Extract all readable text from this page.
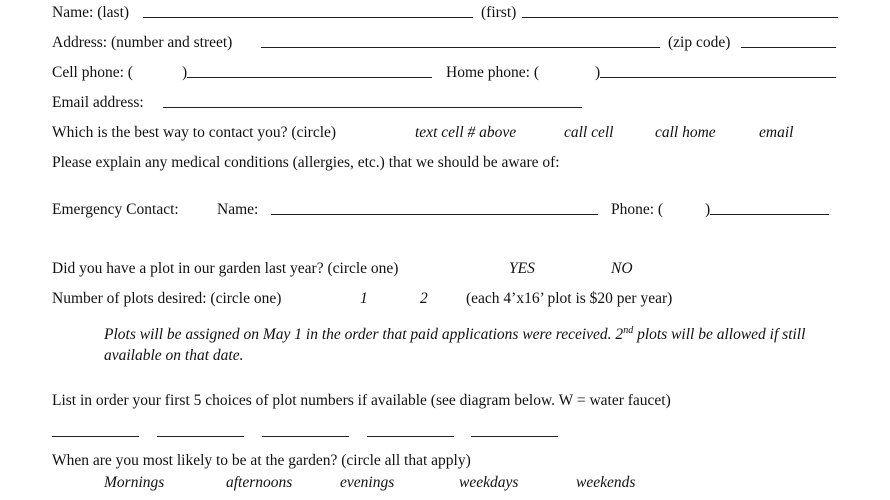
Name: (last)	(first)
Address: (number and street)	(zip code)
Cell phone: (	)	Home phone: (	)
Email address:
Which is the best way to contact you? (circle)	text cell # above	call cell	call home	email
Please explain any medical conditions (allergies, etc.) that we should be aware of:
Emergency Contact: Name:	Phone: (	)
Did you have a plot in our garden last year? (circle one)	YES	NO
Number of plots desired: (circle one)	1	2 (each 4’x16’ plot is $20 per year)
Plots will be assigned on May 1 in the order that paid applications were received. 2nd plots will be allowed if still available on that date.
List in order your first 5 choices of plot numbers if available (see diagram below. W = water faucet)
When are you most likely to be at the garden? (circle all that apply)
Mornings	afternoons	evenings	weekdays	weekends
